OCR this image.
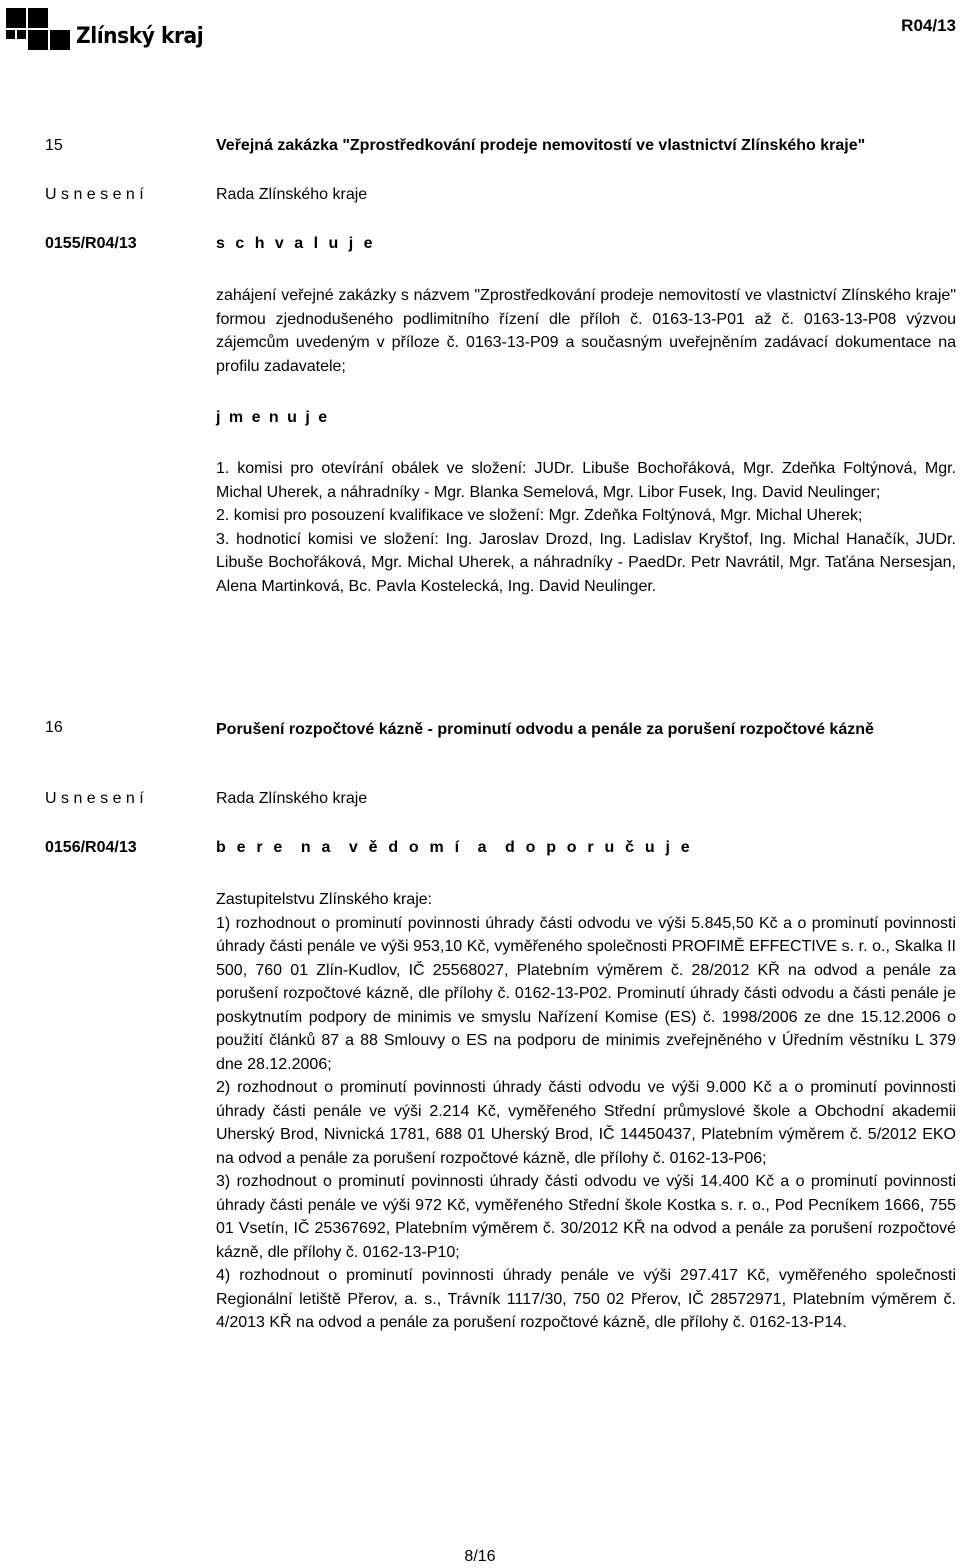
Zlínský kraj	R04/13
15	Veřejná zakázka "Zprostředkování prodeje nemovitostí ve vlastnictví Zlínského kraje"
U s n e s e n í	Rada Zlínského kraje
0155/R04/13	s c h v a l u j e

zahájení veřejné zakázky s názvem "Zprostředkování prodeje nemovitostí ve vlastnictví Zlínského kraje" formou zjednodušeného podlimitního řízení dle příloh č. 0163-13-P01 až č. 0163-13-P08 výzvou zájemcům uvedeným v příloze č. 0163-13-P09 a současným uveřejněním zadávací dokumentace na profilu zadavatele;

j m e n u j e

1. komisi pro otevírání obálek ve složení: JUDr. Libuše Bochořáková, Mgr. Zdeňka Foltýnová, Mgr. Michal Uherek, a náhradníky - Mgr. Blanka Semelová, Mgr. Libor Fusek, Ing. David Neulinger;

2. komisi pro posouzení kvalifikace ve složení: Mgr. Zdeňka Foltýnová, Mgr. Michal Uherek;

3. hodnoticí komisi ve složení: Ing. Jaroslav Drozd, Ing. Ladislav Kryštof, Ing. Michal Hanačík, JUDr. Libuše Bochořáková, Mgr. Michal Uherek, a náhradníky - PaedDr. Petr Navrátil, Mgr. Taťána Nersesjan, Alena Martinková, Bc. Pavla Kostelecká, Ing. David Neulinger.

16	Porušení rozpočtové kázně - prominutí odvodu a penále za porušení rozpočtové kázně
U s n e s e n í	Rada Zlínského kraje
0156/R04/13	b e r e  n a  v ě d o m í  a  d o p o r u č u j e

Zastupitelstvu Zlínského kraje:

1) rozhodnout o prominutí povinnosti úhrady části odvodu ve výši 5.845,50 Kč a o prominutí povinnosti úhrady části penále ve výši 953,10 Kč, vyměřeného společnosti PROFIMĚ EFFECTIVE s. r. o., Skalka II 500, 760 01 Zlín-Kudlov, IČ 25568027, Platebním výměrem č. 28/2012 KŘ na odvod a penále za porušení rozpočtové kázně, dle přílohy č. 0162-13-P02. Prominutí úhrady části odvodu a části penále je poskytnutím podpory de minimis ve smyslu Nařízení Komise (ES) č. 1998/2006 ze dne 15.12.2006 o použití článků 87 a 88 Smlouvy o ES na podporu de minimis zveřejněného v Úředním věstníku L 379 dne 28.12.2006;

2) rozhodnout o prominutí povinnosti úhrady části odvodu ve výši 9.000 Kč a o prominutí povinnosti úhrady části penále ve výši 2.214 Kč, vyměřeného Střední průmyslové škole a Obchodní akademii Uherský Brod, Nivnická 1781, 688 01 Uherský Brod, IČ 14450437, Platebním výměrem č. 5/2012 EKO na odvod a penále za porušení rozpočtové kázně, dle přílohy č. 0162-13-P06;

3) rozhodnout o prominutí povinnosti úhrady části odvodu ve výši 14.400 Kč a o prominutí povinnosti úhrady části penále ve výši 972 Kč, vyměřeného Střední škole Kostka s. r. o., Pod Pecníkem 1666, 755 01 Vsetín, IČ 25367692, Platebním výměrem č. 30/2012 KŘ na odvod a penále za porušení rozpočtové kázně, dle přílohy č. 0162-13-P10;

4) rozhodnout o prominutí povinnosti úhrady penále ve výši 297.417 Kč, vyměřeného společnosti Regionální letiště Přerov, a. s., Trávník 1117/30, 750 02 Přerov, IČ 28572971, Platebním výměrem č. 4/2013 KŘ na odvod a penále za porušení rozpočtové kázně, dle přílohy č. 0162-13-P14.

8/16
